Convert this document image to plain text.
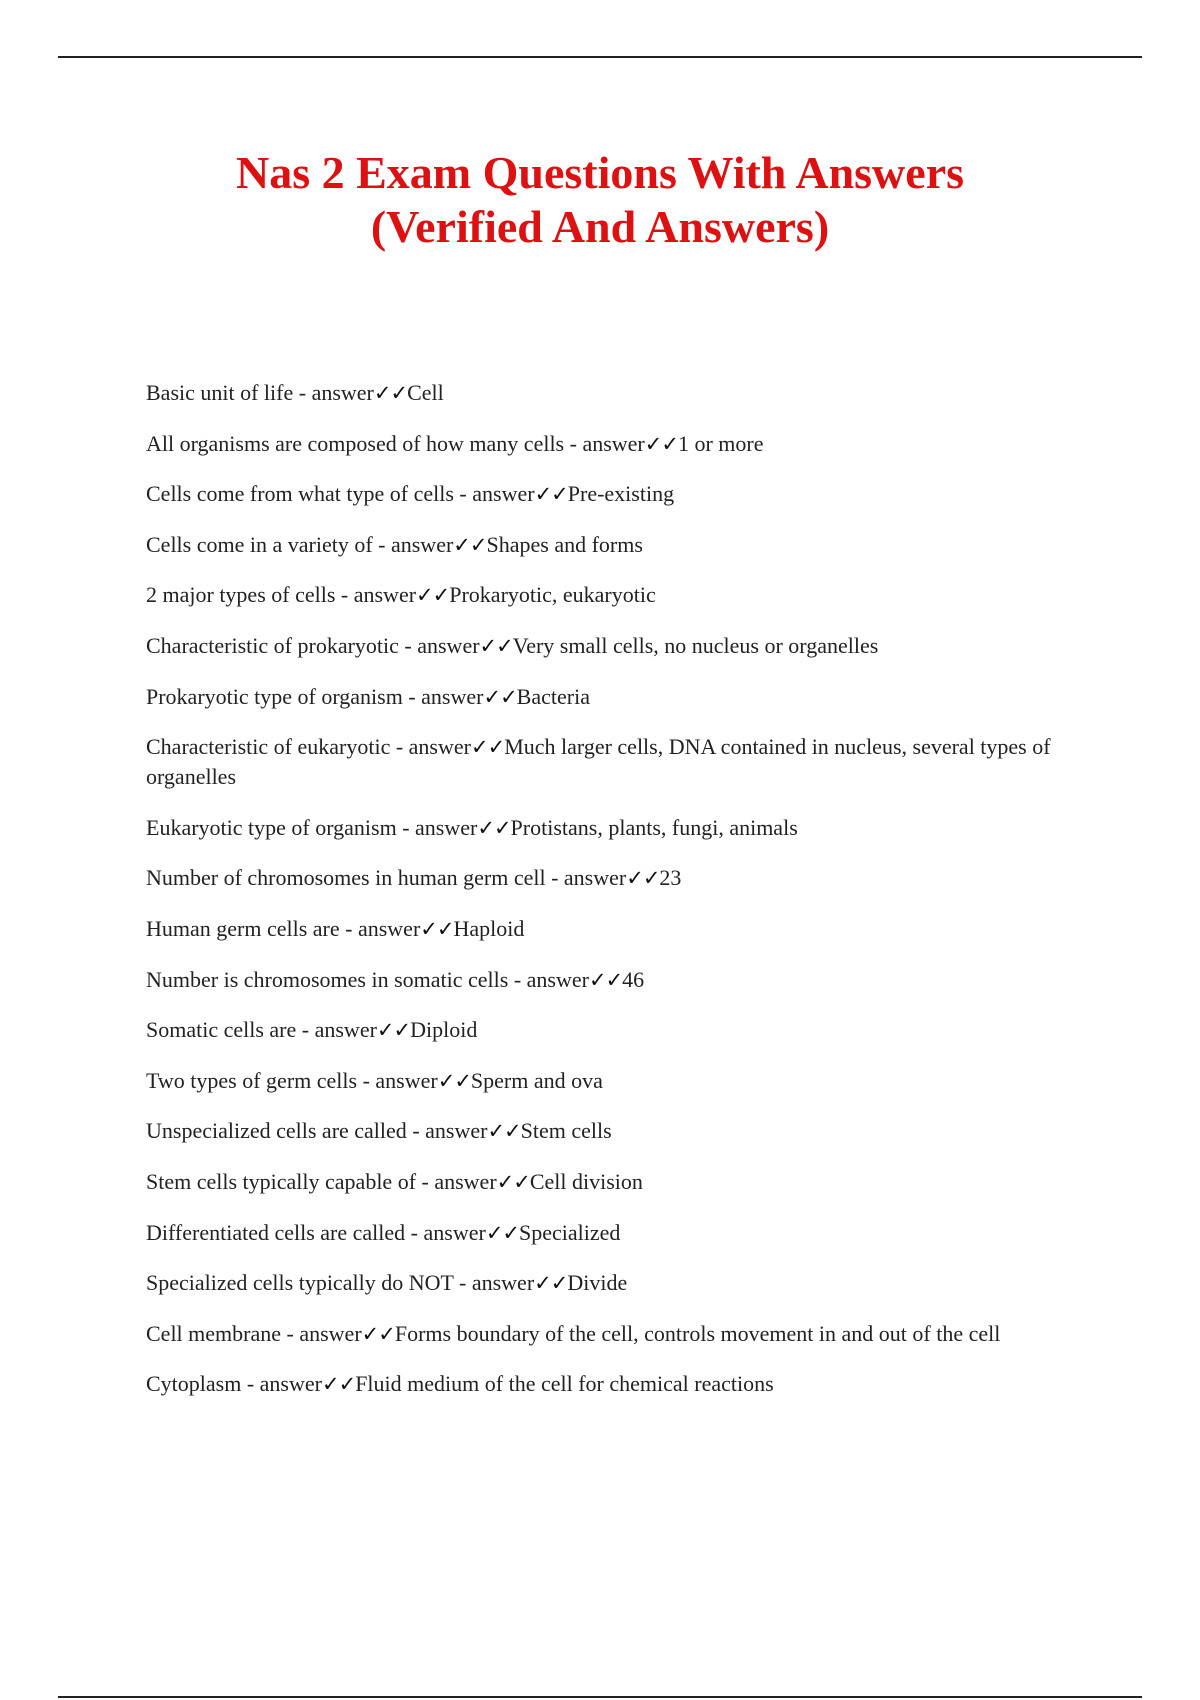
Nas 2 Exam Questions With Answers
(Verified And Answers)
Basic unit of life - answer✓✓Cell
All organisms are composed of how many cells - answer✓✓1 or more
Cells come from what type of cells - answer✓✓Pre-existing
Cells come in a variety of - answer✓✓Shapes and forms
2 major types of cells - answer✓✓Prokaryotic, eukaryotic
Characteristic of prokaryotic - answer✓✓Very small cells, no nucleus or organelles
Prokaryotic type of organism - answer✓✓Bacteria
Characteristic of eukaryotic - answer✓✓Much larger cells, DNA contained in nucleus, several types of organelles
Eukaryotic type of organism - answer✓✓Protistans, plants, fungi, animals
Number of chromosomes in human germ cell - answer✓✓23
Human germ cells are - answer✓✓Haploid
Number is chromosomes in somatic cells - answer✓✓46
Somatic cells are - answer✓✓Diploid
Two types of germ cells - answer✓✓Sperm and ova
Unspecialized cells are called - answer✓✓Stem cells
Stem cells typically capable of - answer✓✓Cell division
Differentiated cells are called - answer✓✓Specialized
Specialized cells typically do NOT - answer✓✓Divide
Cell membrane - answer✓✓Forms boundary of the cell, controls movement in and out of the cell
Cytoplasm - answer✓✓Fluid medium of the cell for chemical reactions
